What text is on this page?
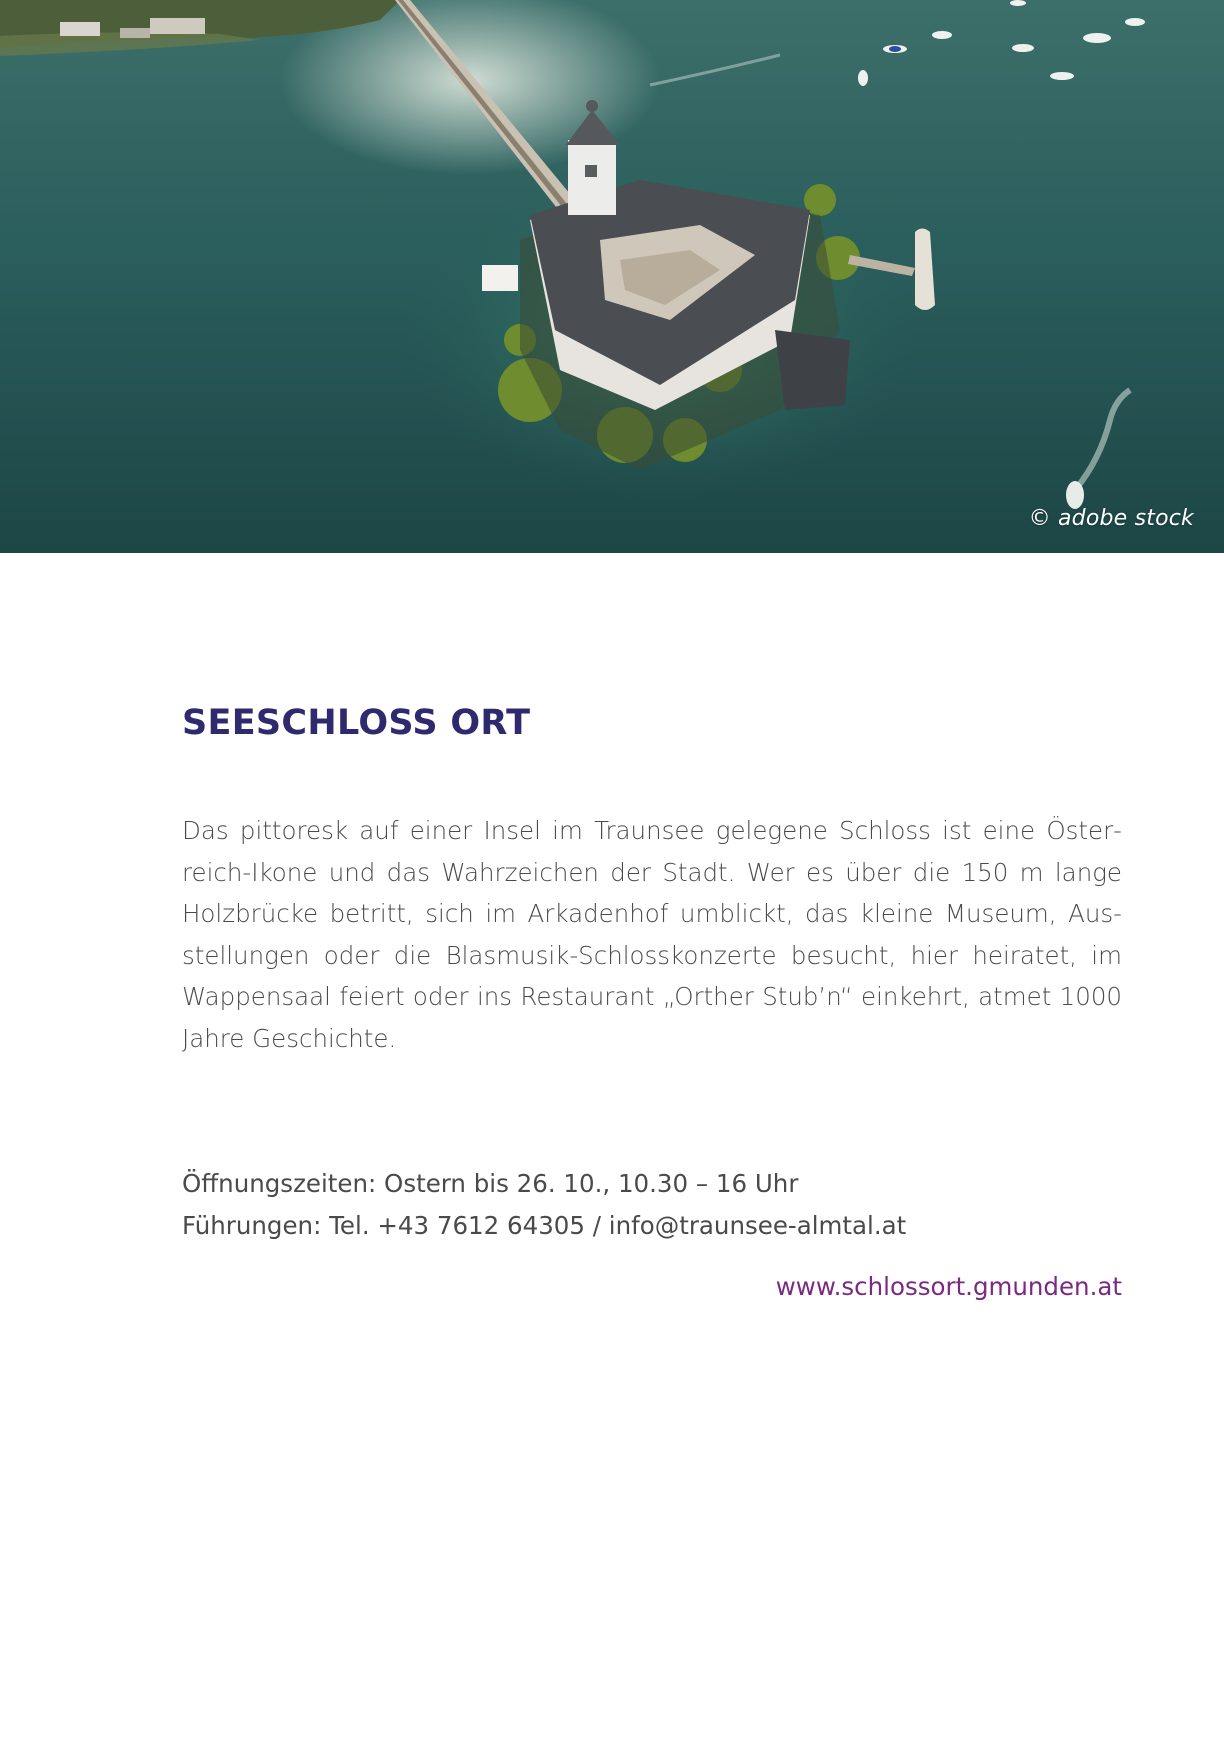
© adobe stock
SEESCHLOSS ORT

Das pittoresk auf einer Insel im Traunsee gelegene Schloss ist eine Österreich-Ikone und das Wahrzeichen der Stadt. Wer es über die 150 m lange Holzbrücke betritt, sich im Arkadenhof umblickt, das kleine Museum, Ausstellungen oder die Blasmusik-Schlosskonzerte besucht, hier heiratet, im Wappensaal feiert oder ins Restaurant „Orther Stub’n“ einkehrt, atmet 1000 Jahre Geschichte.

Öffnungszeiten: Ostern bis 26. 10., 10.30 – 16 Uhr
Führungen: Tel. +43 7612 64305 / info@traunsee-almtal.at
www.schlossort.gmunden.at
